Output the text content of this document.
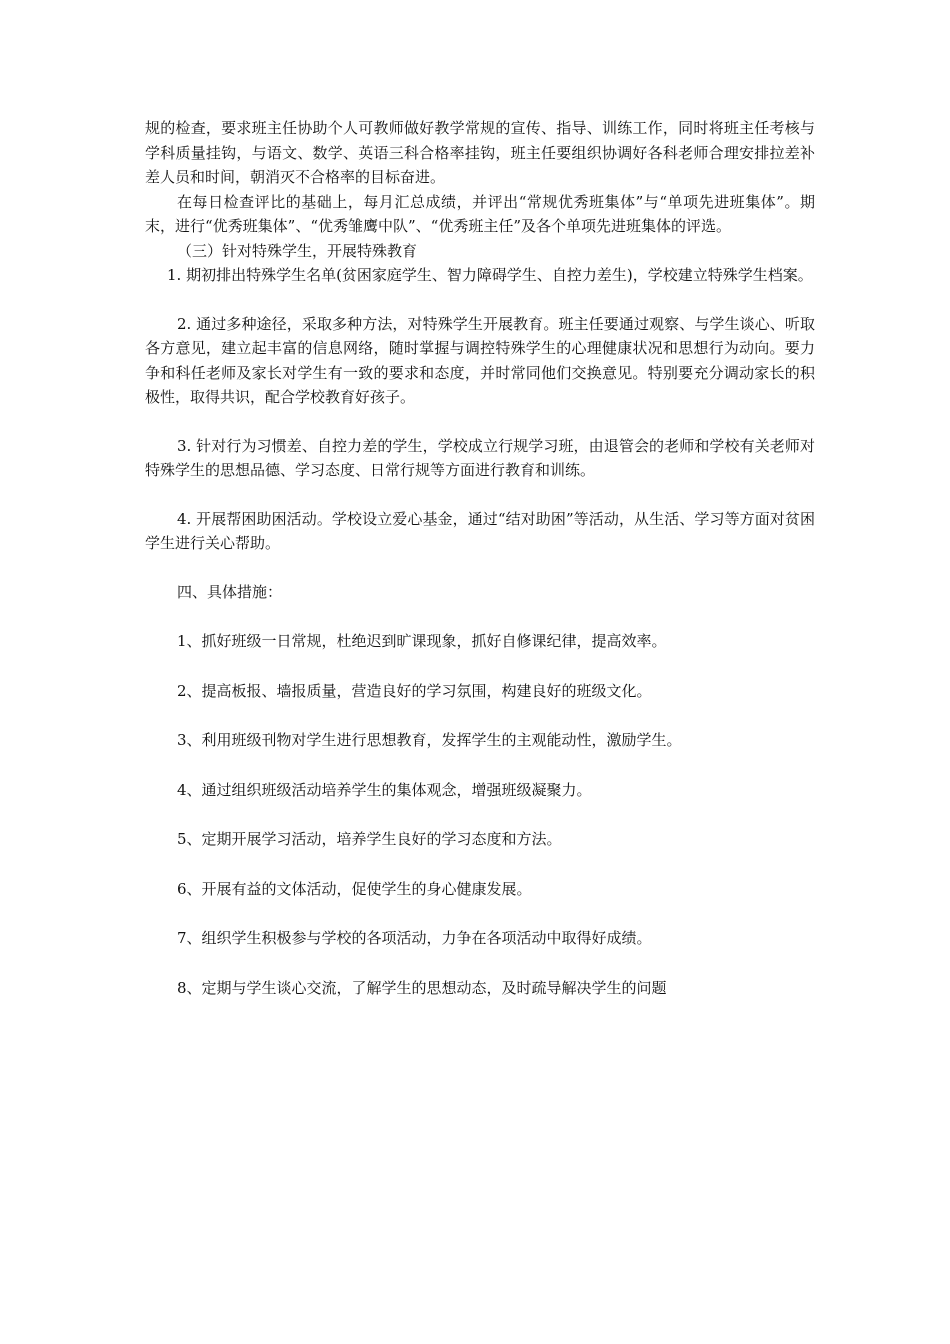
规的检查，要求班主任协助个人可教师做好教学常规的宣传、指导、训练工作，同时将班主任考核与学科质量挂钩，与语文、数学、英语三科合格率挂钩，班主任要组织协调好各科老师合理安排拉差补差人员和时间，朝消灭不合格率的目标奋进。

在每日检查评比的基础上，每月汇总成绩，并评出“常规优秀班集体”与“单项先进班集体”。期末，进行“优秀班集体”、“优秀雏鹰中队”、“优秀班主任”及各个单项先进班集体的评选。

（三）针对特殊学生，开展特殊教育

1. 期初排出特殊学生名单(贫困家庭学生、智力障碍学生、自控力差生)，学校建立特殊学生档案。

2. 通过多种途径，采取多种方法，对特殊学生开展教育。班主任要通过观察、与学生谈心、听取各方意见，建立起丰富的信息网络，随时掌握与调控特殊学生的心理健康状况和思想行为动向。要力争和科任老师及家长对学生有一致的要求和态度，并时常同他们交换意见。特别要充分调动家长的积极性，取得共识，配合学校教育好孩子。

3. 针对行为习惯差、自控力差的学生，学校成立行规学习班，由退管会的老师和学校有关老师对特殊学生的思想品德、学习态度、日常行规等方面进行教育和训练。

4. 开展帮困助困活动。学校设立爱心基金，通过“结对助困”等活动，从生活、学习等方面对贫困学生进行关心帮助。

四、具体措施：

1、抓好班级一日常规，杜绝迟到旷课现象，抓好自修课纪律，提高效率。

2、提高板报、墙报质量，营造良好的学习氛围，构建良好的班级文化。

3、利用班级刊物对学生进行思想教育，发挥学生的主观能动性，激励学生。

4、通过组织班级活动培养学生的集体观念，增强班级凝聚力。

5、定期开展学习活动，培养学生良好的学习态度和方法。

6、开展有益的文体活动，促使学生的身心健康发展。

7、组织学生积极参与学校的各项活动，力争在各项活动中取得好成绩。

8、定期与学生谈心交流，了解学生的思想动态，及时疏导解决学生的问题
